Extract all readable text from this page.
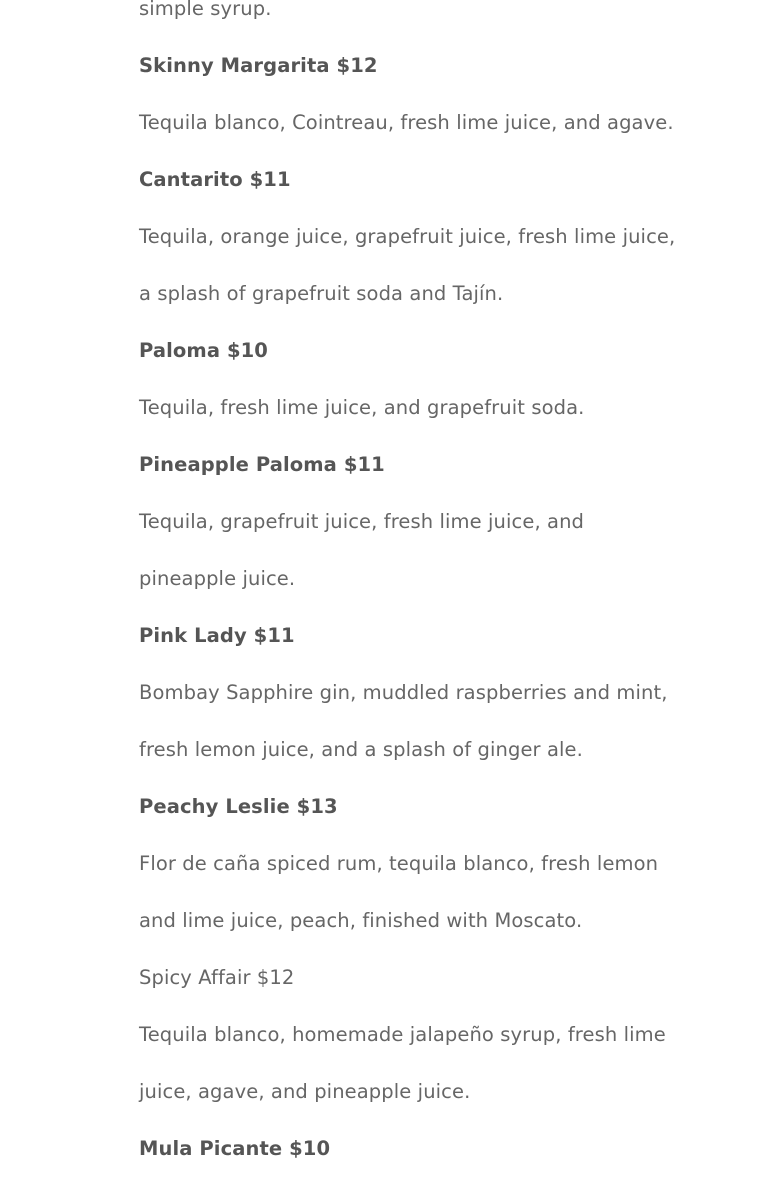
simple syrup.
Skinny Margarita $12
Tequila blanco, Cointreau, fresh lime juice, and agave.
Cantarito $11
Tequila, orange juice, grapefruit juice, fresh lime juice,
a splash of grapefruit soda and Tajín.
Paloma $10
Tequila, fresh lime juice, and grapefruit soda.
Pineapple Paloma $11
Tequila, grapefruit juice, fresh lime juice, and
pineapple juice.
Pink Lady $11
Bombay Sapphire gin, muddled raspberries and mint,
fresh lemon juice, and a splash of ginger ale.
Peachy Leslie $13
Flor de caña spiced rum, tequila blanco, fresh lemon
and lime juice, peach, finished with Moscato.
Spicy Affair $12
Tequila blanco, homemade jalapeño syrup, fresh lime
juice, agave, and pineapple juice.
Mula Picante $10
